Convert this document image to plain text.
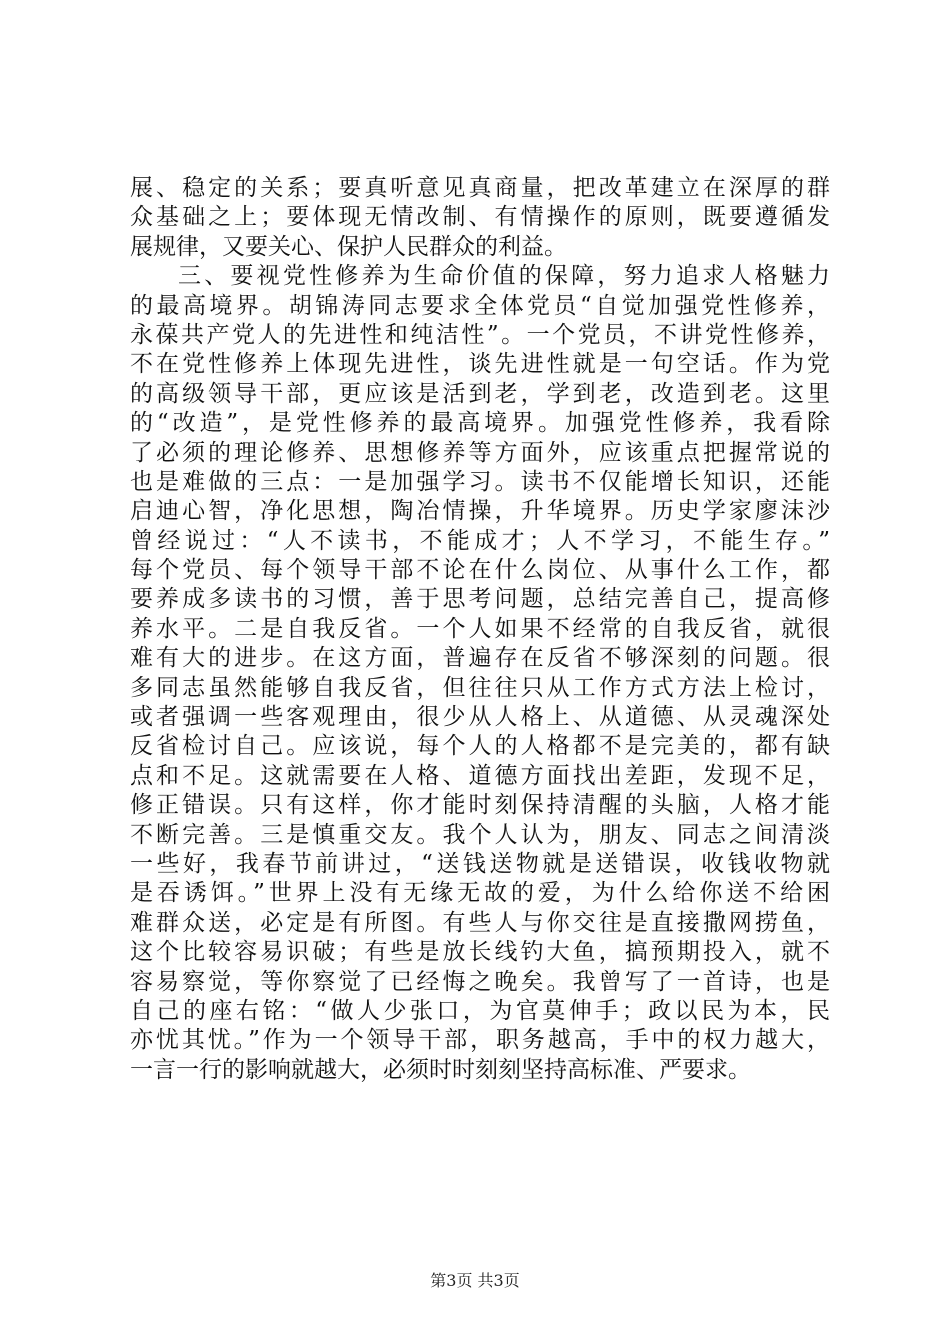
展、稳定的关系；要真听意见真商量，把改革建立在深厚的群
众基础之上；要体现无情改制、有情操作的原则，既要遵循发
展规律，又要关心、保护人民群众的利益。
三、要视党性修养为生命价值的保障，努力追求人格魅力
的最高境界。胡锦涛同志要求全体党员“自觉加强党性修养，
永葆共产党人的先进性和纯洁性”。一个党员，不讲党性修养，
不在党性修养上体现先进性，谈先进性就是一句空话。作为党
的高级领导干部，更应该是活到老，学到老，改造到老。这里
的“改造”，是党性修养的最高境界。加强党性修养，我看除
了必须的理论修养、思想修养等方面外，应该重点把握常说的
也是难做的三点：一是加强学习。读书不仅能增长知识，还能
启迪心智，净化思想，陶冶情操，升华境界。历史学家廖沫沙
曾经说过：“人不读书，不能成才；人不学习，不能生存。”
每个党员、每个领导干部不论在什么岗位、从事什么工作，都
要养成多读书的习惯，善于思考问题，总结完善自己，提高修
养水平。二是自我反省。一个人如果不经常的自我反省，就很
难有大的进步。在这方面，普遍存在反省不够深刻的问题。很
多同志虽然能够自我反省，但往往只从工作方式方法上检讨，
或者强调一些客观理由，很少从人格上、从道德、从灵魂深处
反省检讨自己。应该说，每个人的人格都不是完美的，都有缺
点和不足。这就需要在人格、道德方面找出差距，发现不足，
修正错误。只有这样，你才能时刻保持清醒的头脑，人格才能
不断完善。三是慎重交友。我个人认为，朋友、同志之间清淡
一些好，我春节前讲过，“送钱送物就是送错误，收钱收物就
是吞诱饵。”世界上没有无缘无故的爱，为什么给你送不给困
难群众送，必定是有所图。有些人与你交往是直接撒网捞鱼，
这个比较容易识破；有些是放长线钓大鱼，搞预期投入，就不
容易察觉，等你察觉了已经悔之晚矣。我曾写了一首诗，也是
自己的座右铭：“做人少张口，为官莫伸手；政以民为本，民
亦忧其忧。”作为一个领导干部，职务越高，手中的权力越大，
一言一行的影响就越大，必须时时刻刻坚持高标准、严要求。
第3页 共3页
